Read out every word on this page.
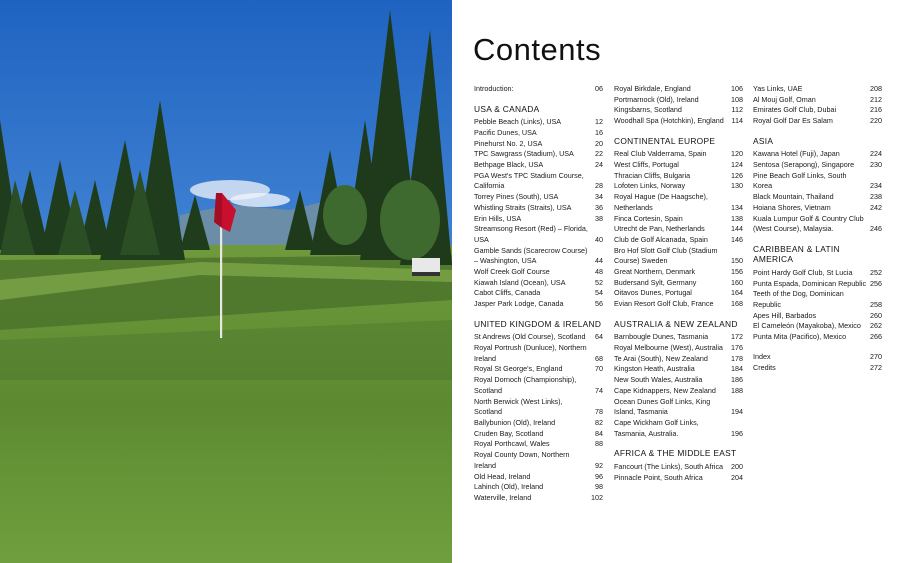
Contents
Introduction:	06
USA & CANADA
Pebble Beach (Links), USA	12
Pacific Dunes, USA	16
Pinehurst No. 2, USA	20
TPC Sawgrass (Stadium), USA	22
Bethpage Black, USA	24
PGA West's TPC Stadium Course, California	28
Torrey Pines (South), USA	34
Whistling Straits (Straits), USA	36
Erin Hills, USA	38
Streamsong Resort (Red) – Florida, USA	40
Gamble Sands (Scarecrow Course) – Washington, USA	44
Wolf Creek Golf Course	48
Kiawah Island (Ocean), USA	52
Cabot Cliffs, Canada	54
Jasper Park Lodge, Canada	56
UNITED KINGDOM & IRELAND
St Andrews (Old Course), Scotland	64
Royal Portrush (Dunluce), Northern Ireland	68
Royal St George's, England	70
Royal Dornoch (Championship), Scotland	74
North Berwick (West Links), Scotland	78
Ballybunion (Old), Ireland	82
Cruden Bay, Scotland	84
Royal Porthcawl, Wales	88
Royal County Down, Northern Ireland	92
Old Head, Ireland	96
Lahinch (Old), Ireland	98
Waterville, Ireland	102
Royal Birkdale, England	106
Portmarnock (Old), Ireland	108
Kingsbarns, Scotland	112
Woodhall Spa (Hotchkin), England	114
CONTINENTAL EUROPE
Real Club Valderrama, Spain	120
West Cliffs, Portugal	124
Thracian Cliffs, Bulgaria	126
Lofoten Links, Norway	130
Royal Hague (De Haagsche), Netherlands	134
Finca Cortesin, Spain	138
Utrecht de Pan, Netherlands	144
Club de Golf Alcanada, Spain	146
Bro Hof Slott Golf Club (Stadium Course) Sweden	150
Great Northern, Denmark	156
Budersand Sylt, Germany	160
Oitavos Dunes, Portugal	164
Evian Resort Golf Club, France	168
AUSTRALIA & NEW ZEALAND
Barnbougle Dunes, Tasmania	172
Royal Melbourne (West), Australia	176
Te Arai (South), New Zealand	178
Kingston Heath, Australia	184
New South Wales, Australia	186
Cape Kidnappers, New Zealand	188
Ocean Dunes Golf Links, King Island, Tasmania	194
Cape Wickham Golf Links, Tasmania, Australia.	196
AFRICA & THE MIDDLE EAST
Fancourt (The Links), South Africa	200
Pinnacle Point, South Africa	204
Yas Links, UAE	208
Al Mouj Golf, Oman	212
Emirates Golf Club, Dubai	216
Royal Golf Dar Es Salam	220
ASIA
Kawana Hotel (Fuji), Japan	224
Sentosa (Serapong), Singapore	230
Pine Beach Golf Links, South Korea	234
Black Mountain, Thailand	238
Hoiana Shores, Vietnam	242
Kuala Lumpur Golf & Country Club (West Course), Malaysia.	246
CARIBBEAN & LATIN AMERICA
Point Hardy Golf Club, St Lucia	252
Punta Espada, Dominican Republic 256
Teeth of the Dog, Dominican Republic	258
Apes Hill, Barbados	260
El Cameleón (Mayakoba), Mexico	262
Punta Mita (Pacifico), Mexico	266
Index	270
Credits	272
